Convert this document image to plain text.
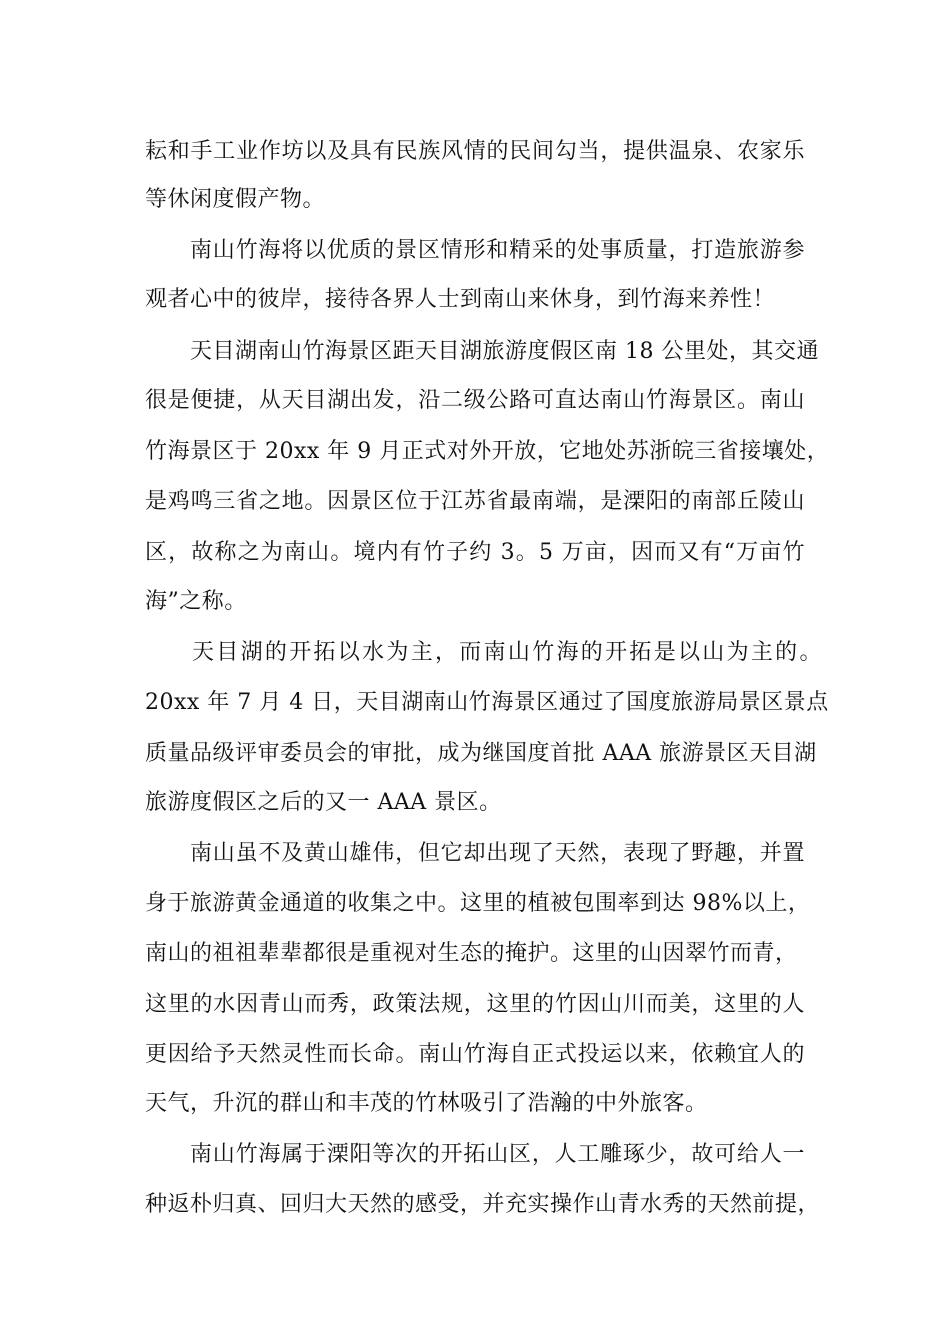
耘和手工业作坊以及具有民族风情的民间勾当，提供温泉、农家乐
等休闲度假产物。
南山竹海将以优质的景区情形和精采的处事质量，打造旅游参
观者心中的彼岸，接待各界人士到南山来休身，到竹海来养性！
天目湖南山竹海景区距天目湖旅游度假区南 18 公里处，其交通
很是便捷，从天目湖出发，沿二级公路可直达南山竹海景区。南山
竹海景区于 20xx 年 9 月正式对外开放，它地处苏浙皖三省接壤处，
是鸡鸣三省之地。因景区位于江苏省最南端，是溧阳的南部丘陵山
区，故称之为南山。境内有竹子约 3。5 万亩，因而又有“万亩竹
海”之称。
天目湖的开拓以水为主，而南山竹海的开拓是以山为主的。
20xx 年 7 月 4 日，天目湖南山竹海景区通过了国度旅游局景区景点
质量品级评审委员会的审批，成为继国度首批 AAA 旅游景区天目湖
旅游度假区之后的又一 AAA 景区。
南山虽不及黄山雄伟，但它却出现了天然，表现了野趣，并置
身于旅游黄金通道的收集之中。这里的植被包围率到达 98%以上，
南山的祖祖辈辈都很是重视对生态的掩护。这里的山因翠竹而青，
这里的水因青山而秀，政策法规，这里的竹因山川而美，这里的人
更因给予天然灵性而长命。南山竹海自正式投运以来，依赖宜人的
天气，升沉的群山和丰茂的竹林吸引了浩瀚的中外旅客。
南山竹海属于溧阳等次的开拓山区，人工雕琢少，故可给人一
种返朴归真、回归大天然的感受，并充实操作山青水秀的天然前提，
